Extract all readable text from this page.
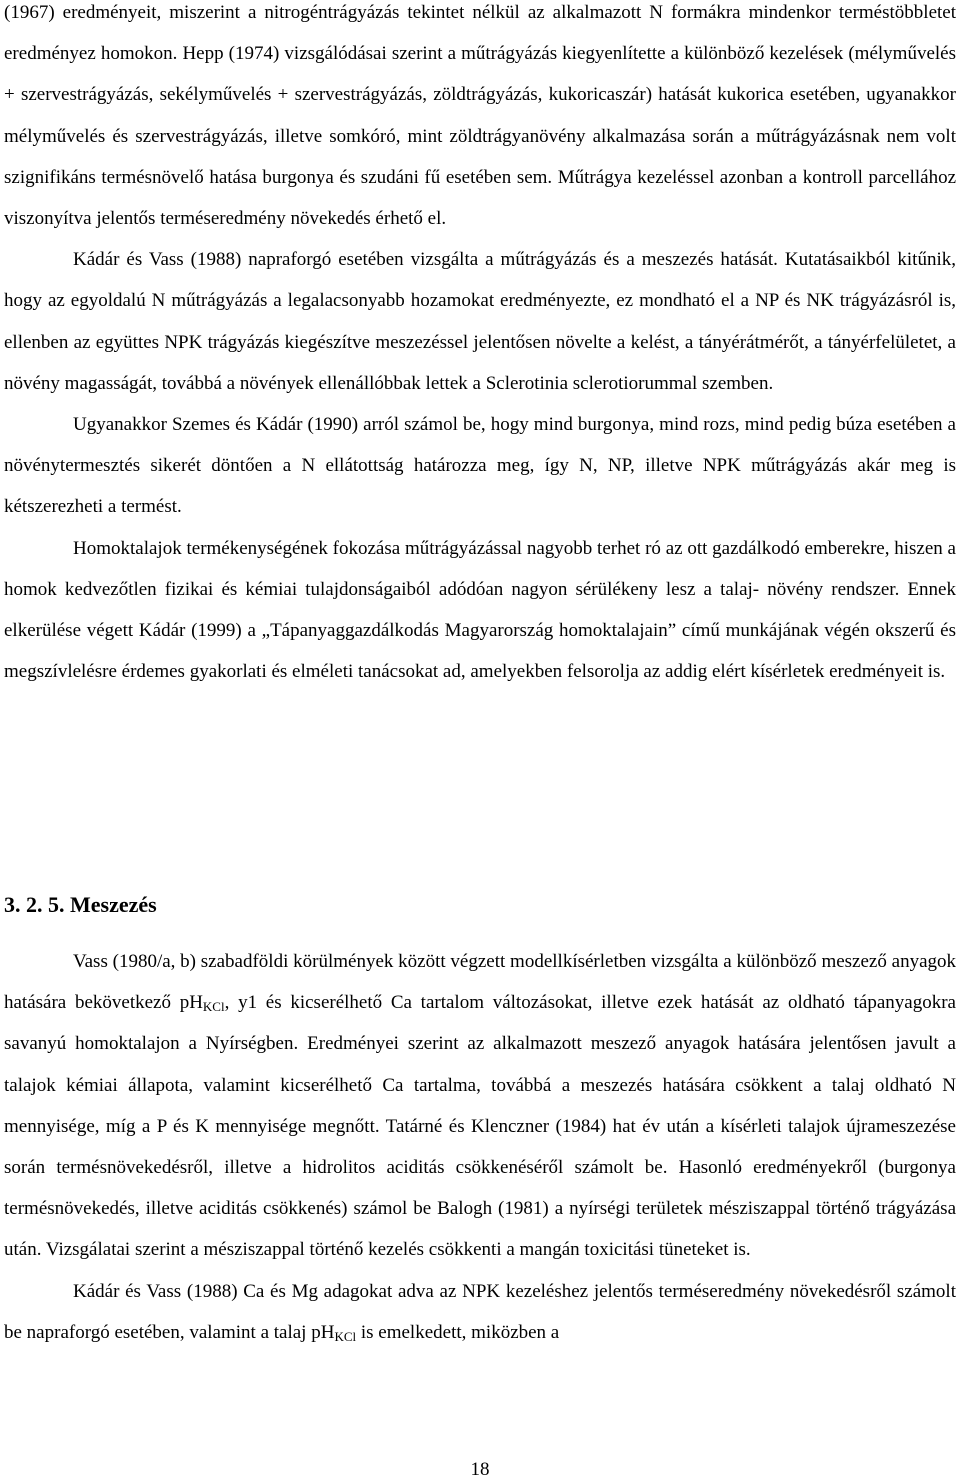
(1967) eredményeit, miszerint a nitrogéntrágyázás tekintet nélkül az alkalmazott N formákra mindenkor terméstöbbletet eredményez homokon. Hepp (1974) vizsgálódásai szerint a műtrágyázás kiegyenlítette a különböző kezelések (mélyművelés + szervestrágyázás, sekélyművelés + szervestrágyázás, zöldtrágyázás, kukoricaszár) hatását kukorica esetében, ugyanakkor mélyművelés és szervestrágyázás, illetve somkóró, mint zöldtrágyanövény alkalmazása során a műtrágyázásnak nem volt szignifikáns termésnövelő hatása burgonya és szudáni fű esetében sem. Műtrágya kezeléssel azonban a kontroll parcellához viszonyítva jelentős terméseredmény növekedés érhető el.

Kádár és Vass (1988) napraforgó esetében vizsgálta a műtrágyázás és a meszezés hatását. Kutatásaikból kitűnik, hogy az egyoldalú N műtrágyázás a legalacsonyabb hozamokat eredményezte, ez mondható el a NP és NK trágyázásról is, ellenben az együttes NPK trágyázás kiegészítve meszezéssel jelentősen növelte a kelést, a tányérátmérőt, a tányérfelületet, a növény magasságát, továbbá a növények ellenállóbbak lettek a Sclerotinia sclerotiorummal szemben.

Ugyanakkor Szemes és Kádár (1990) arról számol be, hogy mind burgonya, mind rozs, mind pedig búza esetében a növénytermesztés sikerét döntően a N ellátottság határozza meg, így N, NP, illetve NPK műtrágyázás akár meg is kétszerezheti a termést.

Homoktalajok termékenységének fokozása műtrágyázással nagyobb terhet ró az ott gazdálkodó emberekre, hiszen a homok kedvezőtlen fizikai és kémiai tulajdonságaiból adódóan nagyon sérülékeny lesz a talaj- növény rendszer. Ennek elkerülése végett Kádár (1999) a „Tápanyaggazdálkodás Magyarország homoktalajain” című munkájának végén okszerű és megszívlelésre érdemes gyakorlati és elméleti tanácsokat ad, amelyekben felsorolja az addig elért kísérletek eredményeit is.

3. 2. 5. Meszezés

Vass (1980/a, b) szabadföldi körülmények között végzett modellkísérletben vizsgálta a különböző meszező anyagok hatására bekövetkező $pH_{KCl}$, y1 és kicserélhető Ca tartalom változásokat, illetve ezek hatását az oldható tápanyagokra savanyú homoktalajon a Nyírségben. Eredményei szerint az alkalmazott meszező anyagok hatására jelentősen javult a talajok kémiai állapota, valamint kicserélhető Ca tartalma, továbbá a meszezés hatására csökkent a talaj oldható N mennyisége, míg a P és K mennyisége megnőtt. Tatárné és Klenczner (1984) hat év után a kísérleti talajok újrameszezése során termésnövekedésről, illetve a hidrolitos aciditás csökkenéséről számolt be. Hasonló eredményekről (burgonya termésnövekedés, illetve aciditás csökkenés) számol be Balogh (1981) a nyírségi területek mésziszappal történő trágyázása után. Vizsgálatai szerint a mésziszappal történő kezelés csökkenti a mangán toxicitási tüneteket is.

Kádár és Vass (1988) Ca és Mg adagokat adva az NPK kezeléshez jelentős terméseredmény növekedésről számolt be napraforgó esetében, valamint a talaj $pH_{KCl}$ is emelkedett, miközben a

18
